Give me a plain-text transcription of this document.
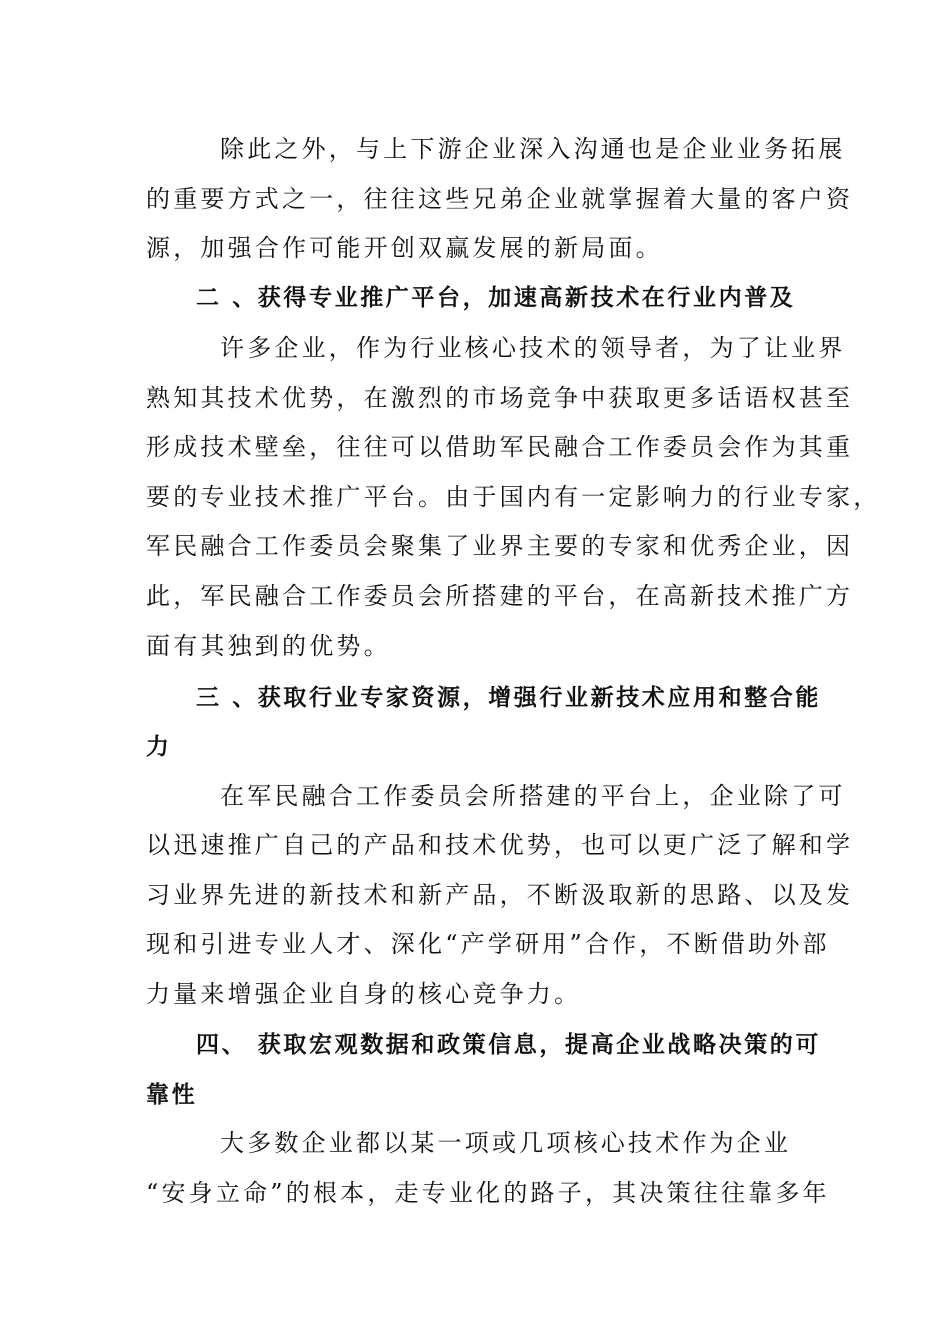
除此之外，与上下游企业深入沟通也是企业业务拓展
的重要方式之一，往往这些兄弟企业就掌握着大量的客户资
源，加强合作可能开创双赢发展的新局面。
二 、获得专业推广平台，加速高新技术在行业内普及
许多企业，作为行业核心技术的领导者，为了让业界
熟知其技术优势，在激烈的市场竞争中获取更多话语权甚至
形成技术壁垒，往往可以借助军民融合工作委员会作为其重
要的专业技术推广平台。由于国内有一定影响力的行业专家，
军民融合工作委员会聚集了业界主要的专家和优秀企业，因
此，军民融合工作委员会所搭建的平台，在高新技术推广方
面有其独到的优势。
三 、获取行业专家资源，增强行业新技术应用和整合能
力
在军民融合工作委员会所搭建的平台上，企业除了可
以迅速推广自己的产品和技术优势，也可以更广泛了解和学
习业界先进的新技术和新产品，不断汲取新的思路、以及发
现和引进专业人才、深化“产学研用”合作，不断借助外部
力量来增强企业自身的核心竞争力。
四、 获取宏观数据和政策信息，提高企业战略决策的可
靠性
大多数企业都以某一项或几项核心技术作为企业
“安身立命”的根本，走专业化的路子，其决策往往靠多年
